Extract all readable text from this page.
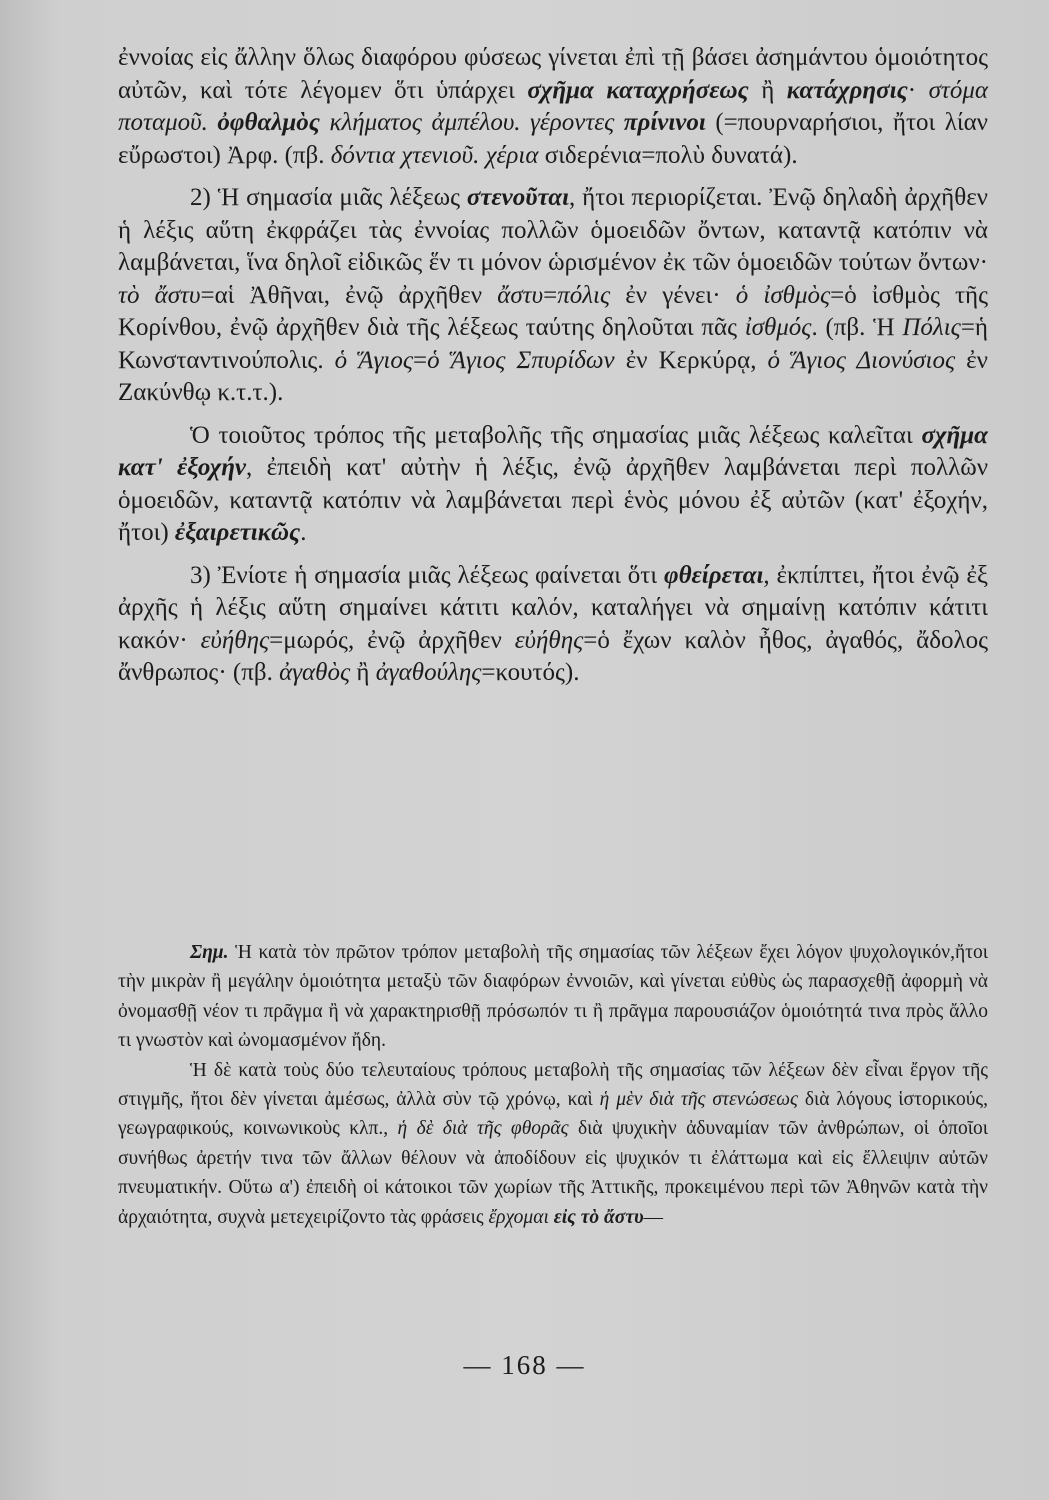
ἐννοίας εἰς ἄλλην ὅλως διαφόρου φύσεως γίνεται ἐπὶ τῇ βάσει ἀσημάντου ὁμοιότητος αὐτῶν, καὶ τότε λέγομεν ὅτι ὑπάρχει σχῆμα καταχρήσεως ἢ κατάχρησις· στόμα ποταμοῦ. ὀφθαλμὸς κλήματος ἀμπέλου. γέροντες πρίνινοι (=πουρναρήσιοι, ἤτοι λίαν εὔρωστοι) Ἀρφ. (πβ. δόντια χτενιοῦ. χέρια σιδερένια=πολὺ δυνατά).

2) Ἡ σημασία μιᾶς λέξεως στενοῦται, ἤτοι περιορίζεται. Ἐνῷ δηλαδὴ ἀρχῆθεν ἡ λέξις αὕτη ἐκφράζει τὰς ἐννοίας πολλῶν ὁμοειδῶν ὄντων, καταντᾷ κατόπιν νὰ λαμβάνεται, ἵνα δηλοῖ εἰδικῶς ἕν τι μόνον ὡρισμένον ἐκ τῶν ὁμοειδῶν τούτων ὄντων· τὸ ἄστυ=αἱ Ἀθῆναι, ἐνῷ ἀρχῆθεν ἄστυ=πόλις ἐν γένει· ὁ ἰσθμὸς=ὁ ἰσθμὸς τῆς Κορίνθου, ἐνῷ ἀρχῆθεν διὰ τῆς λέξεως ταύτης δηλοῦται πᾶς ἰσθμός. (πβ. Ἡ Πόλις=ἡ Κωνσταντινούπολις. ὁ Ἅγιος=ὁ Ἅγιος Σπυρίδων ἐν Κερκύρᾳ, ὁ Ἅγιος Διονύσιος ἐν Ζακύνθῳ κ.τ.τ.).

Ὁ τοιοῦτος τρόπος τῆς μεταβολῆς τῆς σημασίας μιᾶς λέξεως καλεῖται σχῆμα κατ' ἐξοχήν, ἐπειδὴ κατ' αὐτὴν ἡ λέξις, ἐνῷ ἀρχῆθεν λαμβάνεται περὶ πολλῶν ὁμοειδῶν, καταντᾷ κατόπιν νὰ λαμβάνεται περὶ ἑνὸς μόνου ἐξ αὐτῶν (κατ' ἐξοχήν, ἤτοι) ἐξαιρετικῶς.

3) Ἐνίοτε ἡ σημασία μιᾶς λέξεως φαίνεται ὅτι φθείρεται, ἐκπίπτει, ἤτοι ἐνῷ ἐξ ἀρχῆς ἡ λέξις αὕτη σημαίνει κάτιτι καλόν, καταλήγει νὰ σημαίνῃ κατόπιν κάτιτι κακόν· εὐήθης=μωρός, ἐνῷ ἀρχῆθεν εὐήθης=ὁ ἔχων καλὸν ἦθος, ἀγαθός, ἄδολος ἄνθρωπος· (πβ. ἀγαθὸς ἢ ἀγαθούλης=κουτός).

Σημ. Ἡ κατὰ τὸν πρῶτον τρόπον μεταβολὴ τῆς σημασίας τῶν λέξεων ἔχει λόγον ψυχολογικόν,ἤτοι τὴν μικρὰν ἢ μεγάλην ὁμοιότητα μεταξὺ τῶν διαφόρων ἐννοιῶν, καὶ γίνεται εὐθὺς ὡς παρασχεθῇ ἀφορμὴ νὰ ὀνομασθῇ νέον τι πρᾶγμα ἢ νὰ χαρακτηρισθῇ πρόσωπόν τι ἢ πρᾶγμα παρουσιάζον ὁμοιότητά τινα πρὸς ἄλλο τι γνωστὸν καὶ ὠνομασμένον ἤδη.

Ἡ δὲ κατὰ τοὺς δύο τελευταίους τρόπους μεταβολὴ τῆς σημασίας τῶν λέξεων δὲν εἶναι ἔργον τῆς στιγμῆς, ἤτοι δὲν γίνεται ἀμέσως, ἀλλὰ σὺν τῷ χρόνῳ, καὶ ἡ μὲν διὰ τῆς στενώσεως διὰ λόγους ἱστορικούς, γεωγραφικούς, κοινωνικοὺς κλπ., ἡ δὲ διὰ τῆς φθορᾶς διὰ ψυχικὴν ἀδυναμίαν τῶν ἀνθρώπων, οἱ ὁποῖοι συνήθως ἀρετήν τινα τῶν ἄλλων θέλουν νὰ ἀποδίδουν εἰς ψυχικόν τι ἐλάττωμα καὶ εἰς ἔλλειψιν αὐτῶν πνευματικήν. Οὕτω α') ἐπειδὴ οἱ κάτοικοι τῶν χωρίων τῆς Ἀττικῆς, προκειμένου περὶ τῶν Ἀθηνῶν κατὰ τὴν ἀρχαιότητα, συχνὰ μετεχειρίζοντο τὰς φράσεις ἔρχομαι εἰς τὸ ἄστυ—

— 168 —
